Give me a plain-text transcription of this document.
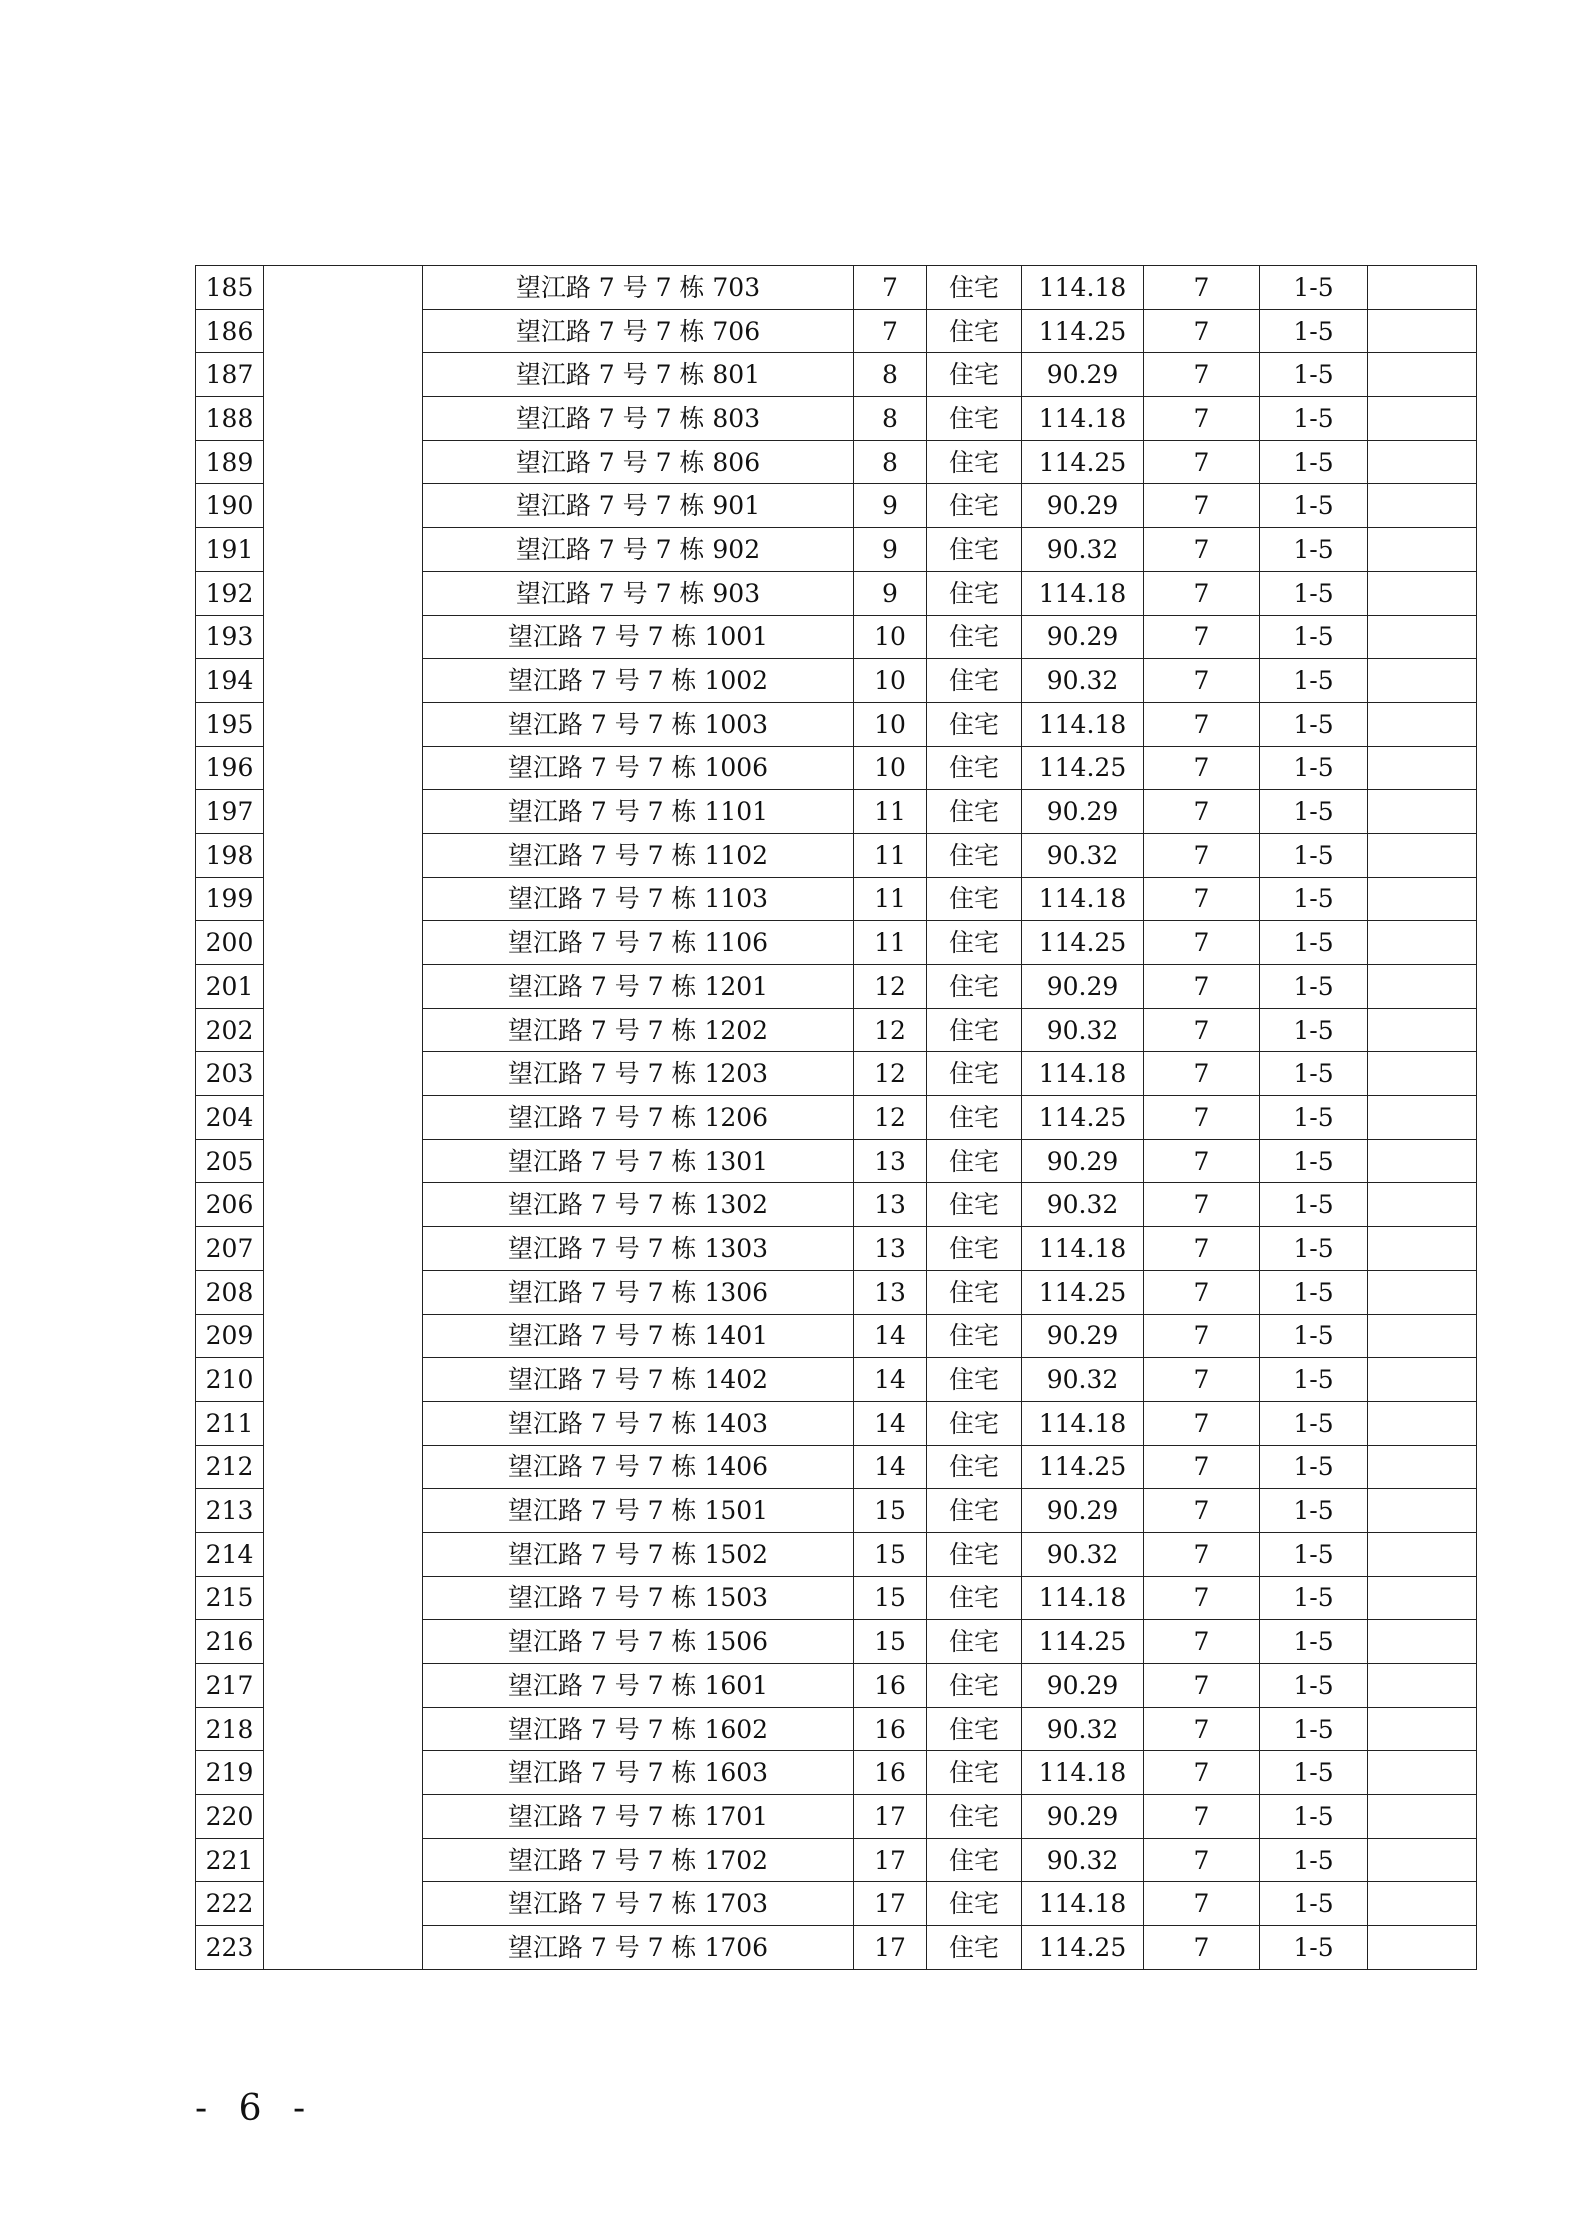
185		望江路 7 号 7 栋 703	7	住宅	114.18	7	1-5	
186		望江路 7 号 7 栋 706	7	住宅	114.25	7	1-5	
187		望江路 7 号 7 栋 801	8	住宅	90.29	7	1-5	
188		望江路 7 号 7 栋 803	8	住宅	114.18	7	1-5	
189		望江路 7 号 7 栋 806	8	住宅	114.25	7	1-5	
190		望江路 7 号 7 栋 901	9	住宅	90.29	7	1-5	
191		望江路 7 号 7 栋 902	9	住宅	90.32	7	1-5	
192		望江路 7 号 7 栋 903	9	住宅	114.18	7	1-5	
193		望江路 7 号 7 栋 1001	10	住宅	90.29	7	1-5	
194		望江路 7 号 7 栋 1002	10	住宅	90.32	7	1-5	
195		望江路 7 号 7 栋 1003	10	住宅	114.18	7	1-5	
196		望江路 7 号 7 栋 1006	10	住宅	114.25	7	1-5	
197		望江路 7 号 7 栋 1101	11	住宅	90.29	7	1-5	
198		望江路 7 号 7 栋 1102	11	住宅	90.32	7	1-5	
199		望江路 7 号 7 栋 1103	11	住宅	114.18	7	1-5	
200		望江路 7 号 7 栋 1106	11	住宅	114.25	7	1-5	
201		望江路 7 号 7 栋 1201	12	住宅	90.29	7	1-5	
202		望江路 7 号 7 栋 1202	12	住宅	90.32	7	1-5	
203		望江路 7 号 7 栋 1203	12	住宅	114.18	7	1-5	
204		望江路 7 号 7 栋 1206	12	住宅	114.25	7	1-5	
205		望江路 7 号 7 栋 1301	13	住宅	90.29	7	1-5	
206		望江路 7 号 7 栋 1302	13	住宅	90.32	7	1-5	
207		望江路 7 号 7 栋 1303	13	住宅	114.18	7	1-5	
208		望江路 7 号 7 栋 1306	13	住宅	114.25	7	1-5	
209		望江路 7 号 7 栋 1401	14	住宅	90.29	7	1-5	
210		望江路 7 号 7 栋 1402	14	住宅	90.32	7	1-5	
211		望江路 7 号 7 栋 1403	14	住宅	114.18	7	1-5	
212		望江路 7 号 7 栋 1406	14	住宅	114.25	7	1-5	
213		望江路 7 号 7 栋 1501	15	住宅	90.29	7	1-5	
214		望江路 7 号 7 栋 1502	15	住宅	90.32	7	1-5	
215		望江路 7 号 7 栋 1503	15	住宅	114.18	7	1-5	
216		望江路 7 号 7 栋 1506	15	住宅	114.25	7	1-5	
217		望江路 7 号 7 栋 1601	16	住宅	90.29	7	1-5	
218		望江路 7 号 7 栋 1602	16	住宅	90.32	7	1-5	
219		望江路 7 号 7 栋 1603	16	住宅	114.18	7	1-5	
220		望江路 7 号 7 栋 1701	17	住宅	90.29	7	1-5	
221		望江路 7 号 7 栋 1702	17	住宅	90.32	7	1-5	
222		望江路 7 号 7 栋 1703	17	住宅	114.18	7	1-5	
223		望江路 7 号 7 栋 1706	17	住宅	114.25	7	1-5	
- 6 -
